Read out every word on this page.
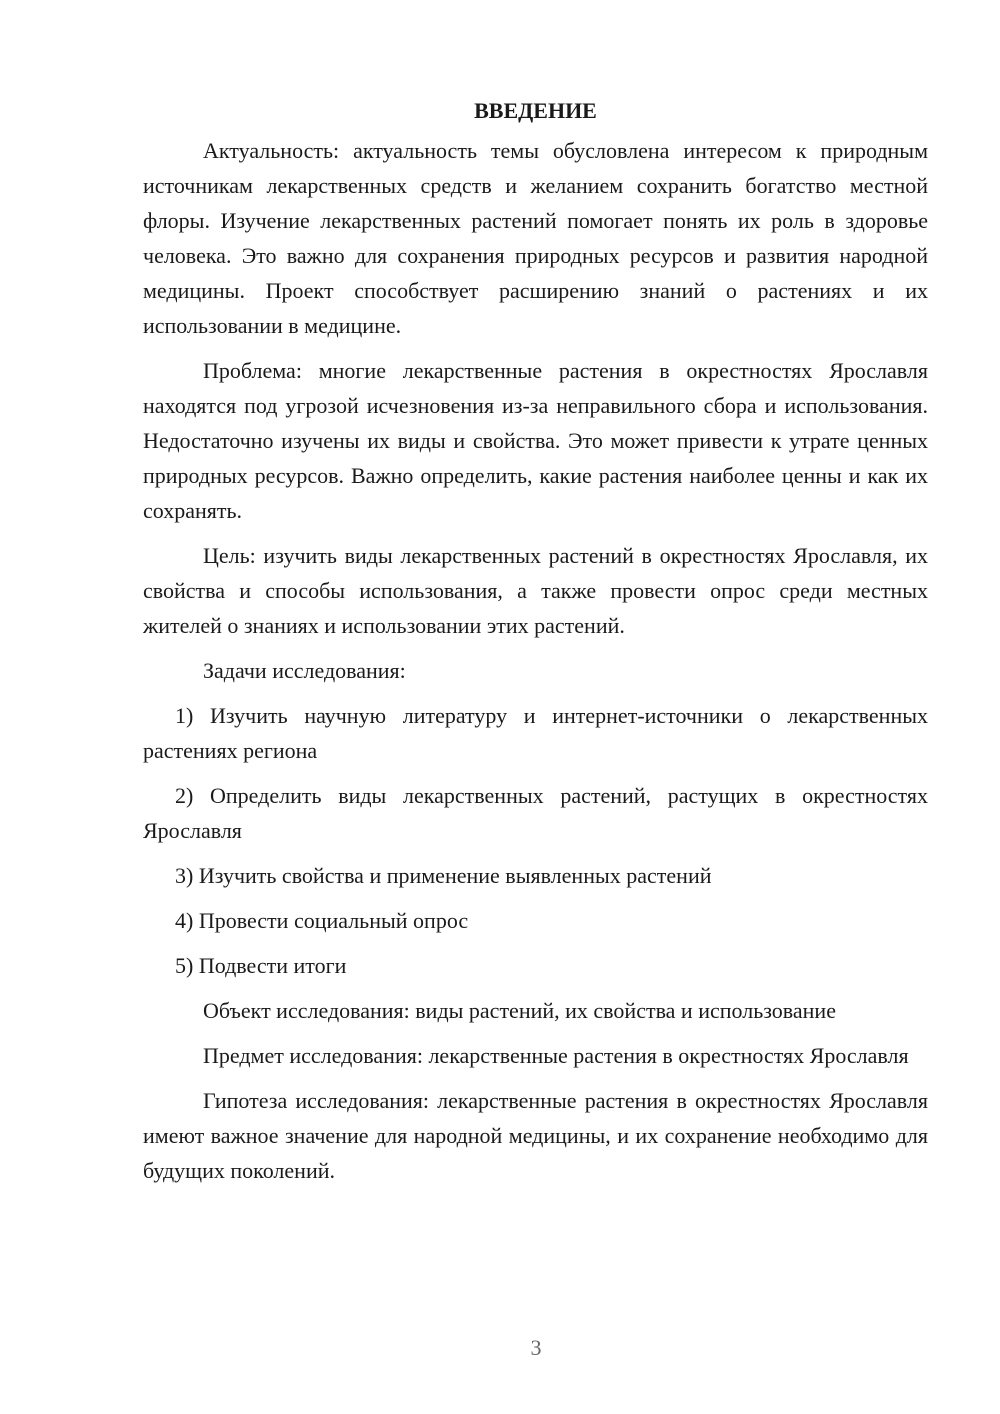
ВВЕДЕНИЕ

Актуальность: актуальность темы обусловлена интересом к природным источникам лекарственных средств и желанием сохранить богатство местной флоры. Изучение лекарственных растений помогает понять их роль в здоровье человека. Это важно для сохранения природных ресурсов и развития народной медицины. Проект способствует расширению знаний о растениях и их использовании в медицине.

Проблема: многие лекарственные растения в окрестностях Ярославля находятся под угрозой исчезновения из-за неправильного сбора и использования. Недостаточно изучены их виды и свойства. Это может привести к утрате ценных природных ресурсов. Важно определить, какие растения наиболее ценны и как их сохранять.

Цель: изучить виды лекарственных растений в окрестностях Ярославля, их свойства и способы использования, а также провести опрос среди местных жителей о знаниях и использовании этих растений.

Задачи исследования:

1) Изучить научную литературу и интернет-источники о лекарственных растениях региона

2) Определить виды лекарственных растений, растущих в окрестностях Ярославля

3) Изучить свойства и применение выявленных растений

4) Провести социальный опрос

5) Подвести итоги

Объект исследования: виды растений, их свойства и использование

Предмет исследования: лекарственные растения в окрестностях Ярославля

Гипотеза исследования: лекарственные растения в окрестностях Ярославля имеют важное значение для народной медицины, и их сохранение необходимо для будущих поколений.

3
